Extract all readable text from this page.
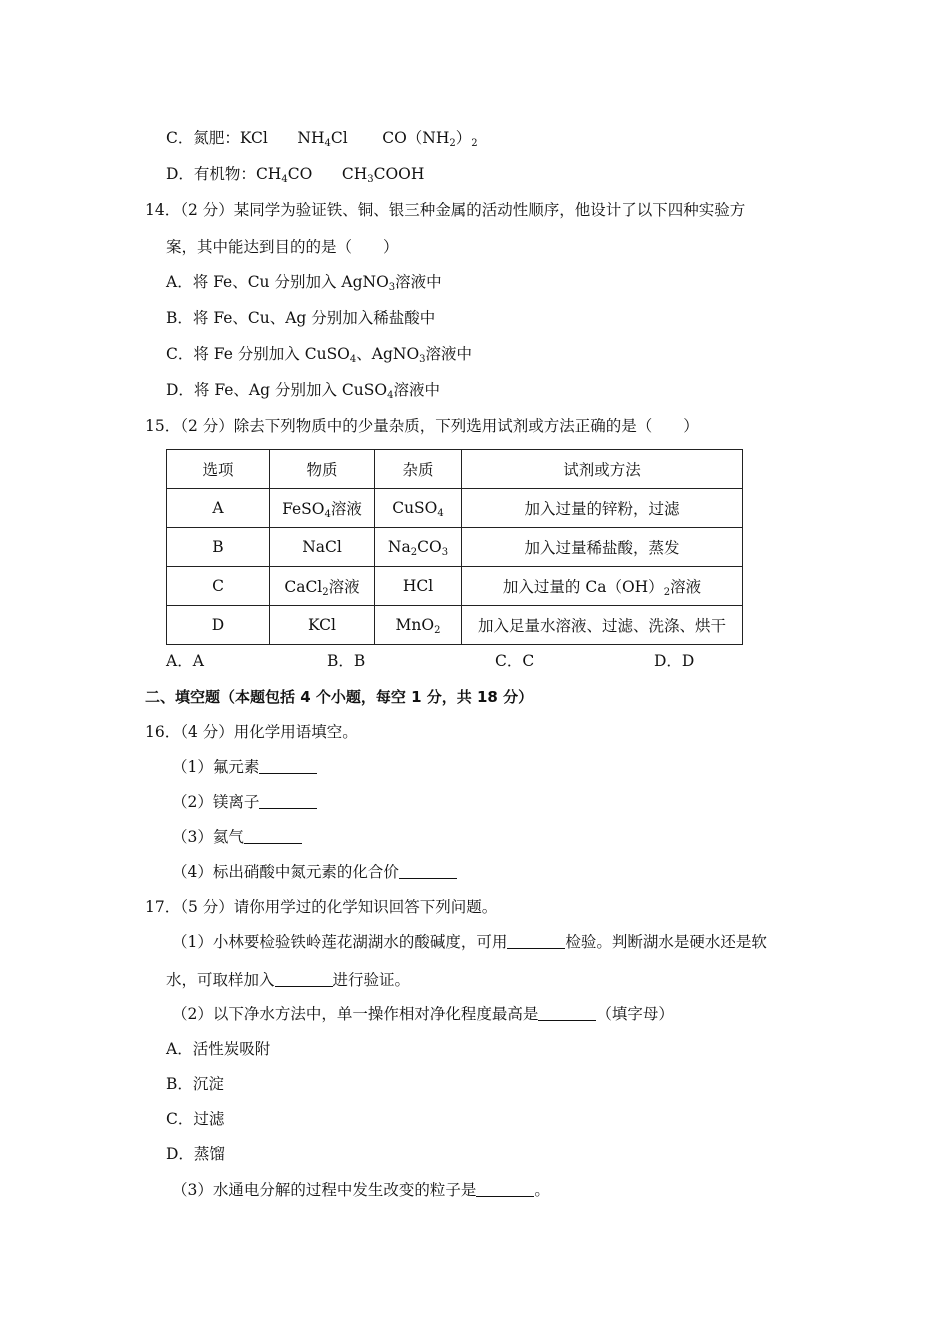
C．氮肥：KCl $NH_4Cl$ $CO(NH_2)_2$
D．有机物：$CH_4CO$ $CH_3COOH$
14．（2 分）某同学为验证铁、铜、银三种金属的活动性顺序，他设计了以下四种实验方
案，其中能达到目的的是（　　）
A．将 Fe、Cu 分别加入 AgNO$_3$溶液中
B．将 Fe、Cu、Ag 分别加入稀盐酸中
C．将 Fe 分别加入 CuSO$_4$、AgNO$_3$溶液中
D．将 Fe、Ag 分别加入 CuSO$_4$溶液中
15．（2 分）除去下列物质中的少量杂质，下列选用试剂或方法正确的是（　　）
选项	物质	杂质	试剂或方法
A	FeSO$_4$溶液	CuSO$_4$	加入过量的锌粉，过滤
B	NaCl	$Na_2CO_3$	加入过量稀盐酸，蒸发
C	CaCl$_2$溶液	HCl	加入过量的 $Ca(OH)_2$溶液
D	KCl	MnO$_2$	加入足量水溶液、过滤、洗涤、烘干
A．A	B．B	C．C	D．D
二、填空题（本题包括 4 个小题，每空 1 分，共 18 分）
16．（4 分）用化学用语填空。
（1）氟元素
（2）镁离子
（3）氦气
（4）标出硝酸中氮元素的化合价
17．（5 分）请你用学过的化学知识回答下列问题。
（1）小林要检验铁岭莲花湖湖水的酸碱度，可用	检验。判断湖水是硬水还是软
水，可取样加入	进行验证。
（2）以下净水方法中，单一操作相对净化程度最高是	（填字母）
A．活性炭吸附
B．沉淀
C．过滤
D．蒸馏
（3）水通电分解的过程中发生改变的粒子是	。
